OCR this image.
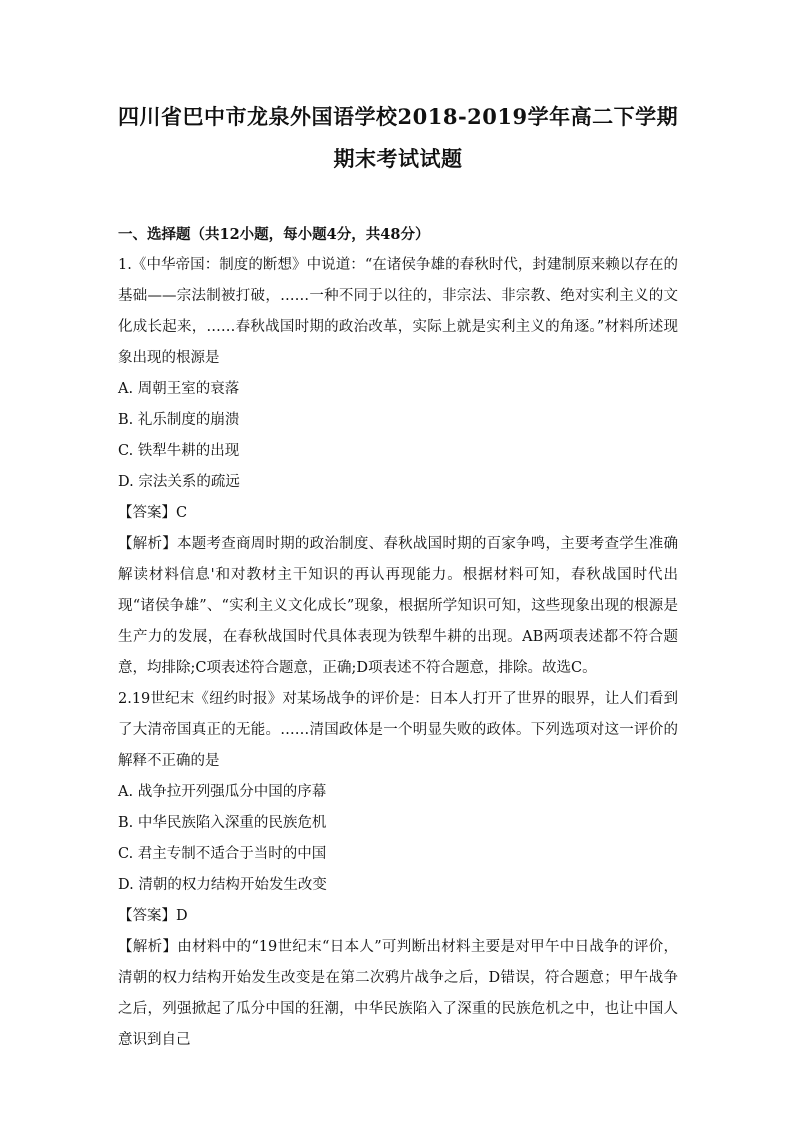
四川省巴中市龙泉外国语学校2018-2019学年高二下学期
期末考试试题
一、选择题（共12小题，每小题4分，共48分）

1.《中华帝国：制度的断想》中说道：“在诸侯争雄的春秋时代，封建制原来赖以存在的基础——宗法制被打破，……一种不同于以往的，非宗法、非宗教、绝对实利主义的文化成长起来，……春秋战国时期的政治改革，实际上就是实利主义的角逐。”材料所述现象出现的根源是

A. 周朝王室的衰落

B. 礼乐制度的崩溃

C. 铁犁牛耕的出现

D. 宗法关系的疏远

【答案】C

【解析】本题考查商周时期的政治制度、春秋战国时期的百家争鸣，主要考查学生准确解读材料信息'和对教材主干知识的再认再现能力。根据材料可知，春秋战国时代出现“诸侯争雄”、“实利主义文化成长”现象，根据所学知识可知，这些现象出现的根源是生产力的发展，在春秋战国时代具体表现为铁犁牛耕的出现。AB两项表述都不符合题意，均排除;C项表述符合题意，正确;D项表述不符合题意，排除。故选C。

2.19世纪末《纽约时报》对某场战争的评价是：日本人打开了世界的眼界，让人们看到了大清帝国真正的无能。……清国政体是一个明显失败的政体。下列选项对这一评价的解释不正确的是

A. 战争拉开列强瓜分中国的序幕

B. 中华民族陷入深重的民族危机

C. 君主专制不适合于当时的中国

D. 清朝的权力结构开始发生改变

【答案】D

【解析】由材料中的“19世纪末“日本人”可判断出材料主要是对甲午中日战争的评价，清朝的权力结构开始发生改变是在第二次鸦片战争之后，D错误，符合题意；甲午战争之后，列强掀起了瓜分中国的狂潮，中华民族陷入了深重的民族危机之中，也让中国人意识到自己
